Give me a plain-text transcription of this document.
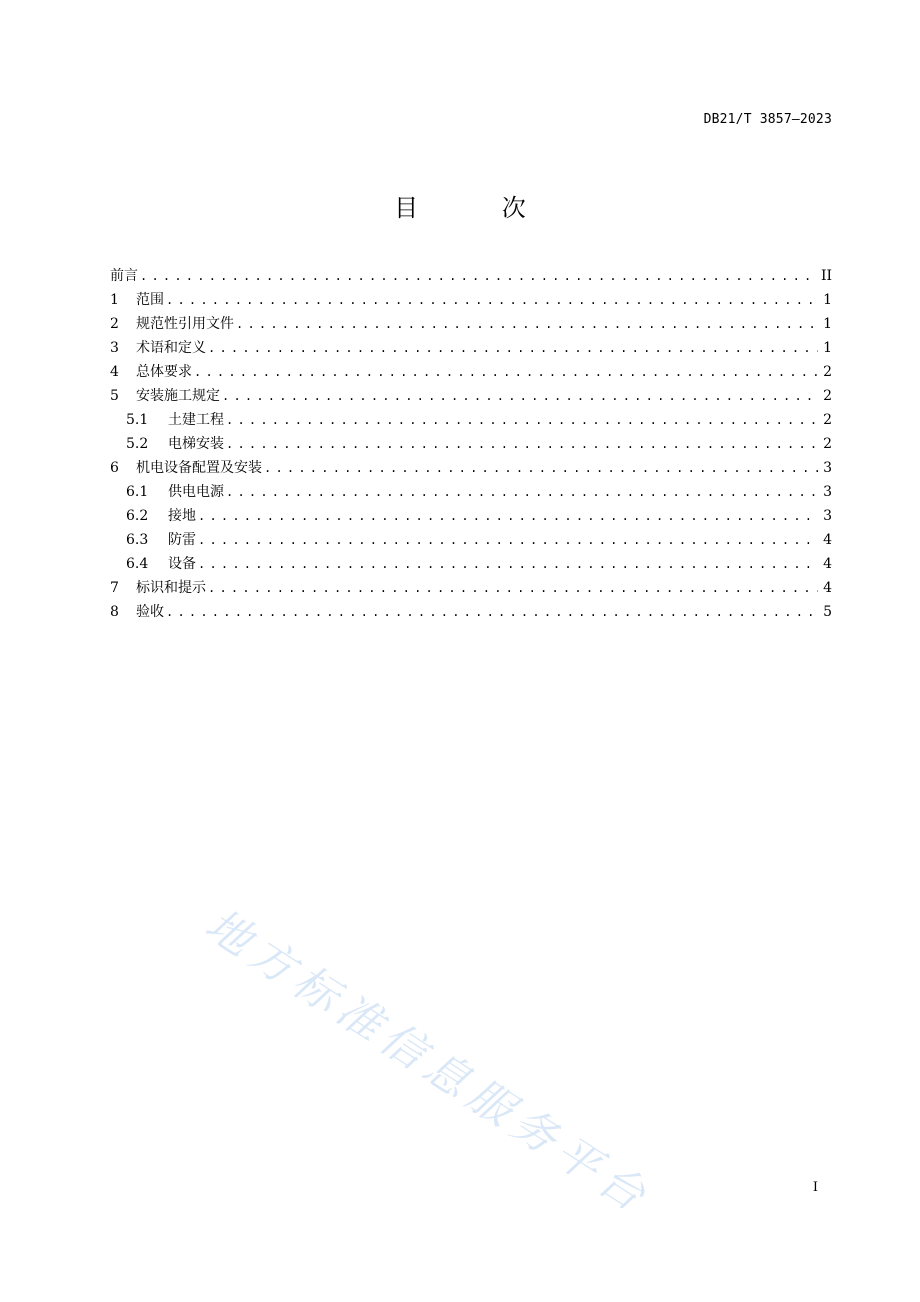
DB21/T 3857—2023
目 次
前言 . . .	II
1	范围 . . .	1
2	规范性引用文件 . . .	1
3	术语和定义 . . .	1
4	总体要求 . . .	2
5	安装施工规定 . . .	2
5.1	土建工程 . . .	2
5.2	电梯安装 . . .	2
6	机电设备配置及安装 . . .	3
6.1	供电电源 . . .	3
6.2	接地 . . .	3
6.3	防雷 . . .	4
6.4	设备 . . .	4
7	标识和提示 . . .	4
8	验收 . . .	5
地方标准信息服务平台	I
